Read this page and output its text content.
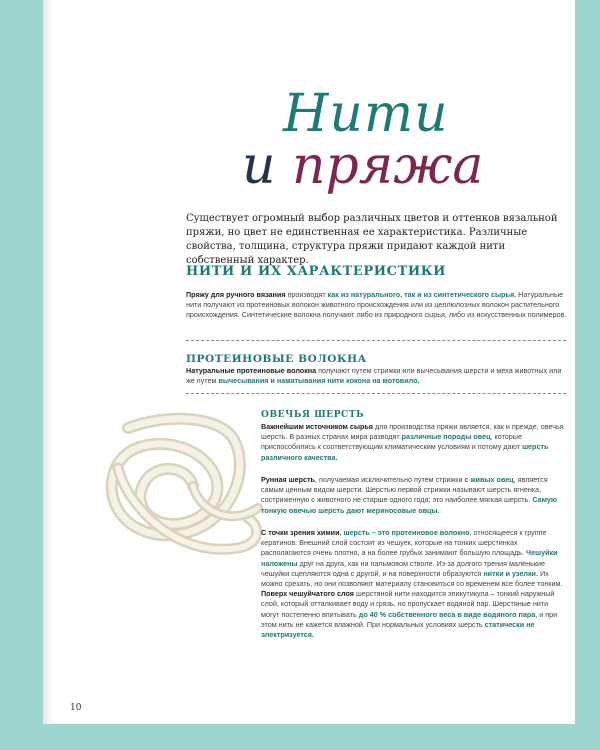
Нити
и пряжа
Существует огромный выбор различных цветов и оттенков вязальной пряжи, но цвет не единственная ее характеристика. Различные свойства, толщина, структура пряжи придают каждой нити собственный характер.
НИТИ И ИХ ХАРАКТЕРИСТИКИ
Пряжу для ручного вязания производят как из натурального, так и из синтетического сырья. Натуральные нити получают из протеиновых волокон животного происхождения или из целлюлозных волокон растительного происхождения. Синтетические волокна получают либо из природного сырья, либо из искусственных полимеров.
ПРОТЕИНОВЫЕ ВОЛОКНА
Натуральные протеиновые волокна получают путем стрижки или вычесывания шерсти и меха животных или же путем вычесывания и наматывания нити кокона на мотовило.
ОВЕЧЬЯ ШЕРСТЬ
Важнейшим источником сырья для производства пряжи является, как и прежде, овечья шерсть. В разных странах мира разводят различные породы овец, которые приспособились к соответствующим климатическим условиям и потому дают шерсть различного качества.
Рунная шерсть, получаемая исключительно путем стрижки с живых овец, является самым ценным видом шерсти. Шерстью первой стрижки называют шерсть ягненка, состриженную с животного не старше одного года; это наиболее мягкая шерсть. Самую тонкую овечью шерсть дают мериносовые овцы.
С точки зрения химии, шерсть – это протеиновое волокно, относящееся к группе кератинов. Внешний слой состоит из чешуек, которые на тонких шерстинках располагаются очень плотно, а на более грубых занимают большую площадь. Чешуйки наложены друг на друга, как на пальмовом стволе. Из-за долгого трения маленькие чешуйки сцепляются одна с другой, и на поверхности образуются нитки и узелки. Их можно срезать, но они позволяют материалу становиться со временем все более тонким.
Поверх чешуйчатого слоя шерстяной нити находится эпикутикула – тонкий наружный слой, который отталкивает воду и грязь, но пропускает водяной пар. Шерстяные нити могут постепенно впитывать до 40 % собственного веса в виде водяного пара, и при этом нить не кажется влажной. При нормальных условиях шерсть статически не электризуется.
10
